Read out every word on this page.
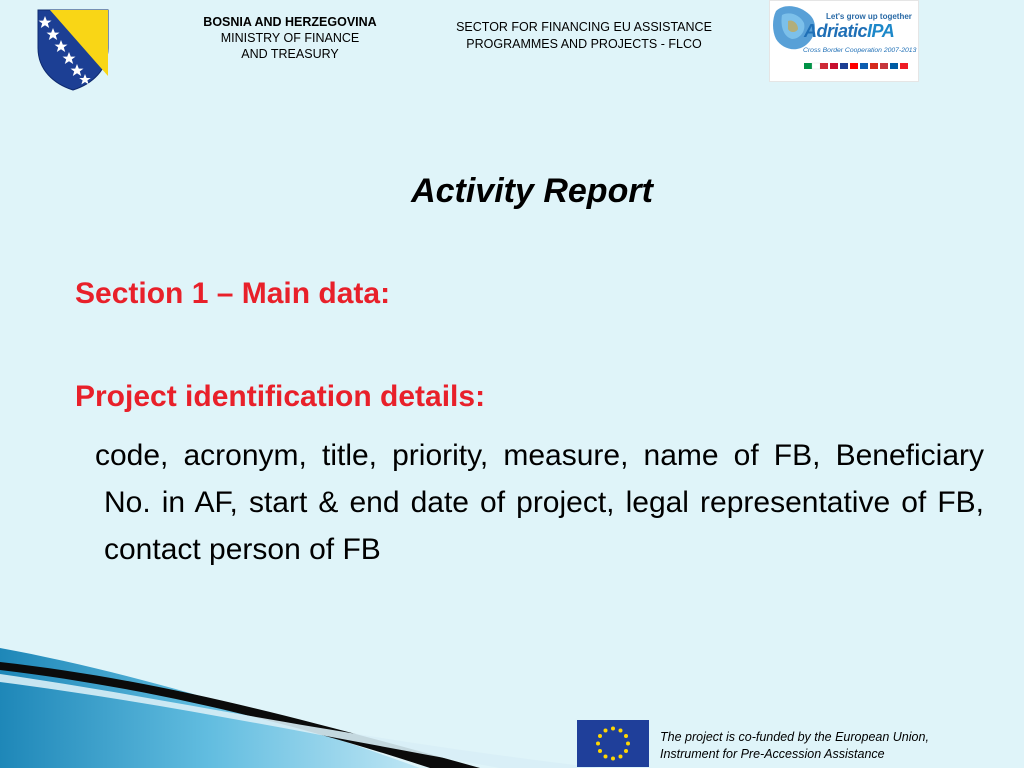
BOSNIA AND HERZEGOVINA
MINISTRY OF FINANCE
AND TREASURY
SECTOR FOR FINANCING EU ASSISTANCE
PROGRAMMES AND PROJECTS - FLCO
Let's grow up together
AdriaticIPA
Cross Border Cooperation 2007-2013
Activity Report
Section 1 – Main data:
Project identification details:
code, acronym, title, priority, measure, name of FB, Beneficiary No. in AF, start & end date of project, legal representative of FB, contact person of FB
The project is co-funded by the European Union,
Instrument for Pre-Accession Assistance
